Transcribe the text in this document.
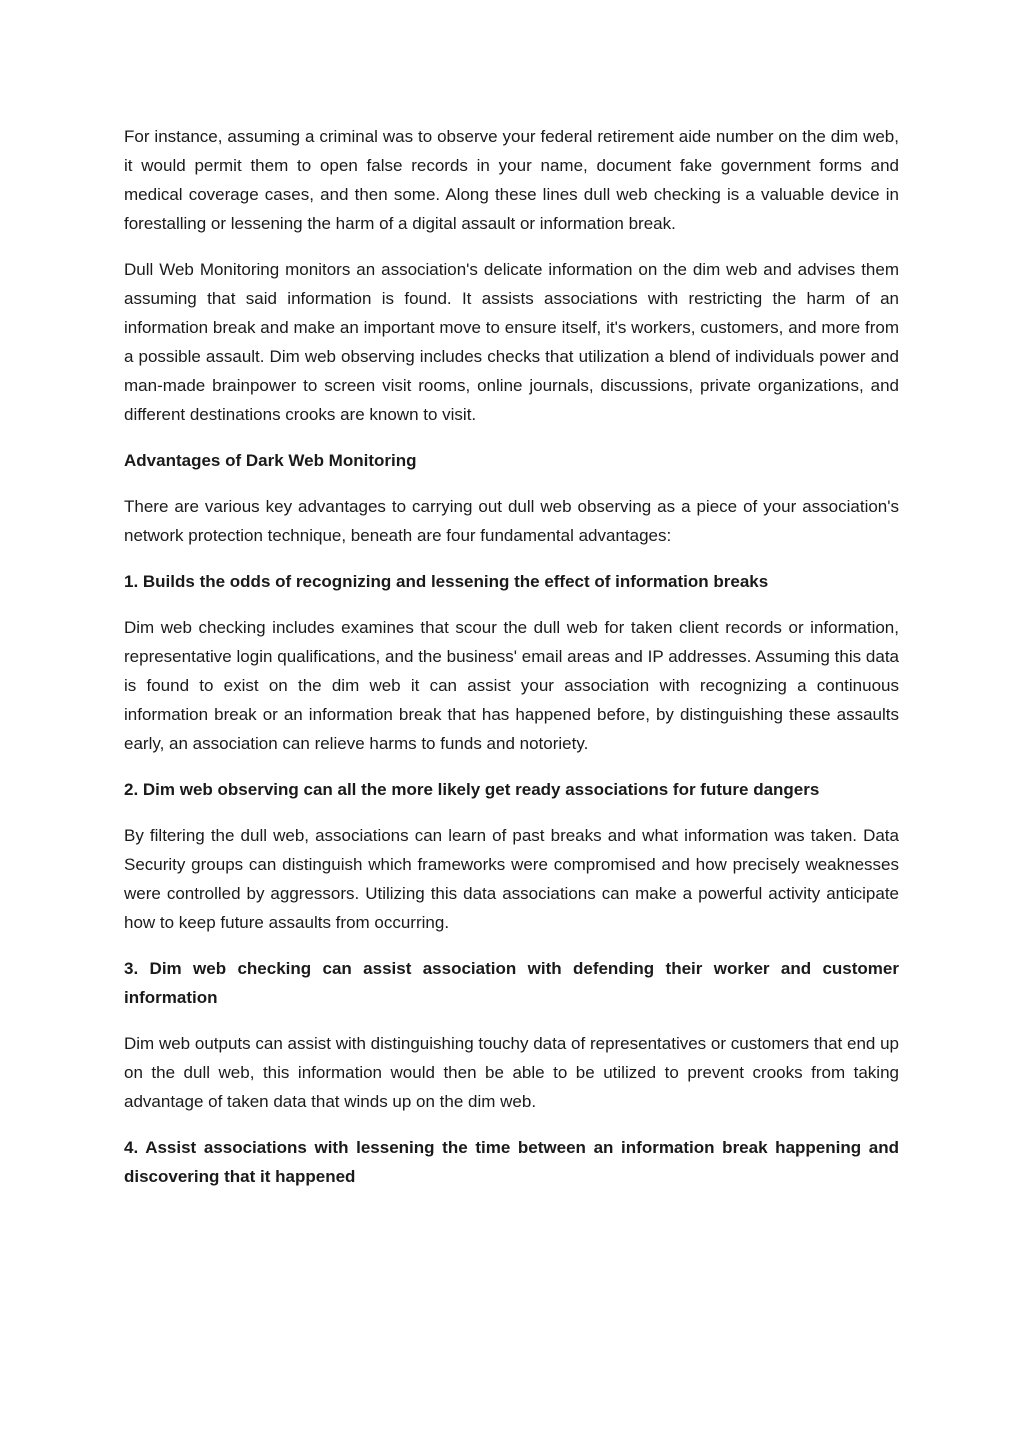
For instance, assuming a criminal was to observe your federal retirement aide number on the dim web, it would permit them to open false records in your name, document fake government forms and medical coverage cases, and then some. Along these lines dull web checking is a valuable device in forestalling or lessening the harm of a digital assault or information break.

Dull Web Monitoring monitors an association's delicate information on the dim web and advises them assuming that said information is found. It assists associations with restricting the harm of an information break and make an important move to ensure itself, it's workers, customers, and more from a possible assault. Dim web observing includes checks that utilization a blend of individuals power and man-made brainpower to screen visit rooms, online journals, discussions, private organizations, and different destinations crooks are known to visit.

Advantages of Dark Web Monitoring

There are various key advantages to carrying out dull web observing as a piece of your association's network protection technique, beneath are four fundamental advantages:

1. Builds the odds of recognizing and lessening the effect of information breaks

Dim web checking includes examines that scour the dull web for taken client records or information, representative login qualifications, and the business' email areas and IP addresses. Assuming this data is found to exist on the dim web it can assist your association with recognizing a continuous information break or an information break that has happened before, by distinguishing these assaults early, an association can relieve harms to funds and notoriety.

2. Dim web observing can all the more likely get ready associations for future dangers

By filtering the dull web, associations can learn of past breaks and what information was taken. Data Security groups can distinguish which frameworks were compromised and how precisely weaknesses were controlled by aggressors. Utilizing this data associations can make a powerful activity anticipate how to keep future assaults from occurring.

3. Dim web checking can assist association with defending their worker and customer information

Dim web outputs can assist with distinguishing touchy data of representatives or customers that end up on the dull web, this information would then be able to be utilized to prevent crooks from taking advantage of taken data that winds up on the dim web.

4. Assist associations with lessening the time between an information break happening and discovering that it happened
